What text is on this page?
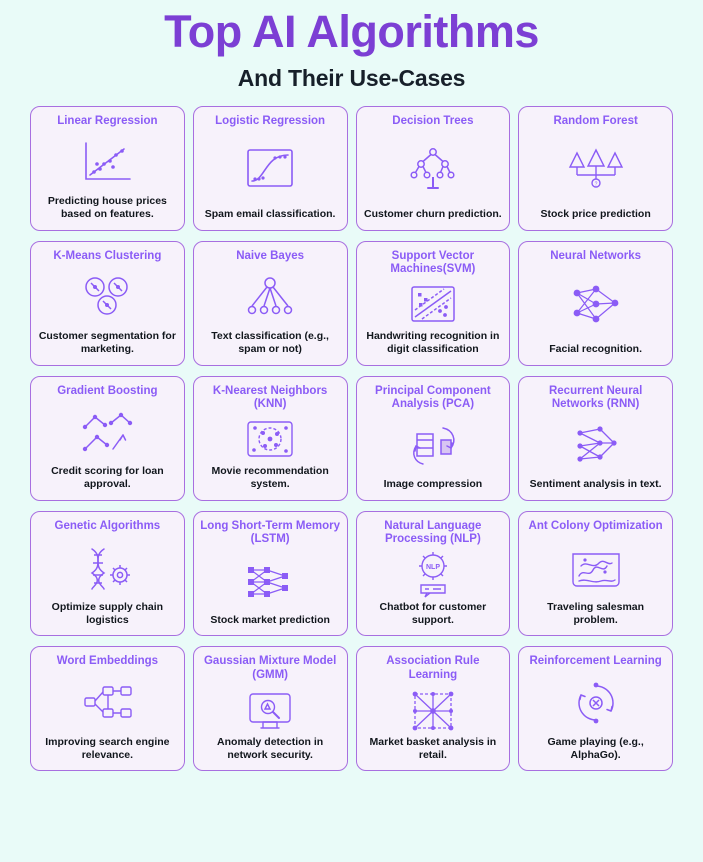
Top AI Algorithms
And Their Use-Cases
Linear Regression
Predicting house prices based on features.
Logistic Regression
Spam email classification.
Decision Trees
Customer churn prediction.
Random Forest
?
Stock price prediction
K-Means Clustering
Customer segmentation for marketing.
Naive Bayes
Text classification (e.g., spam or not)
Support Vector Machines(SVM)
Handwriting recognition in digit classification
Neural Networks
Facial recognition.
Gradient Boosting
Credit scoring for loan approval.
K-Nearest Neighbors (KNN)
Movie recommendation system.
Principal Component Analysis (PCA)
Image compression
Recurrent Neural Networks (RNN)
Sentiment analysis in text.
Genetic Algorithms
Optimize supply chain logistics
Long Short-Term Memory (LSTM)
Stock market prediction
Natural Language Processing (NLP)
NLP
Chatbot for customer support.
Ant Colony Optimization
Traveling salesman problem.
Word Embeddings
Improving search engine relevance.
Gaussian Mixture Model (GMM)
Anomaly detection in network security.
Association Rule Learning
Market basket analysis in retail.
Reinforcement Learning
Game playing (e.g., AlphaGo).
